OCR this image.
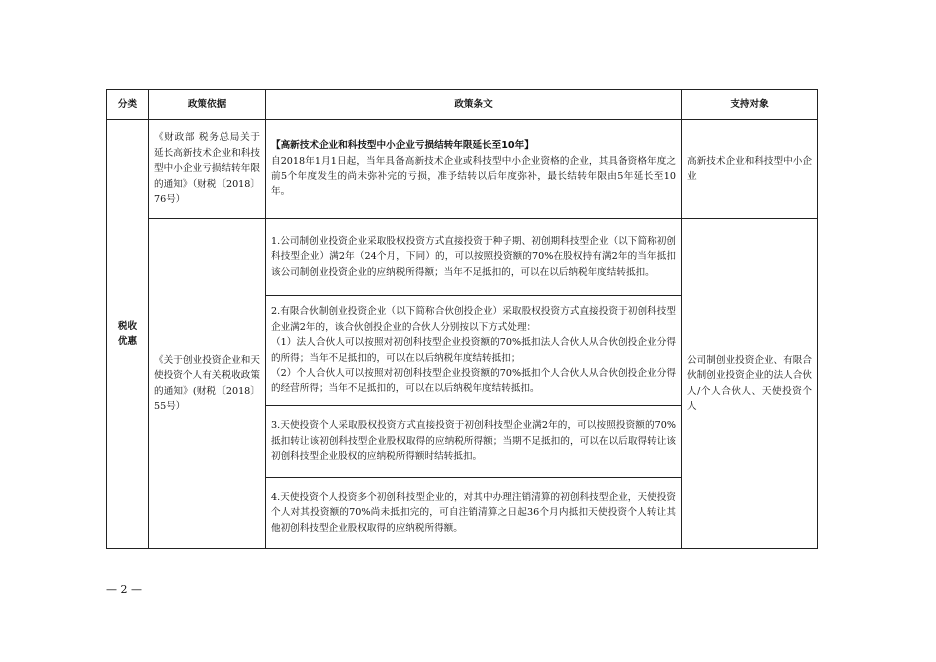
分类	政策依据	政策条文	支持对象

税收
优惠	《财政部 税务总局关于延长高新技术企业和科技型中小企业亏损结转年限的通知》（财税〔2018〕76号）	【高新技术企业和科技型中小企业亏损结转年限延长至10年】
自2018年1月1日起，当年具备高新技术企业或科技型中小企业资格的企业，其具备资格年度之前5个年度发生的尚未弥补完的亏损，准予结转以后年度弥补，最长结转年限由5年延长至10年。	高新技术企业和科技型中小企业
	《关于创业投资企业和天使投资个人有关税收政策的通知》(财税〔2018〕55号）	1.公司制创业投资企业采取股权投资方式直接投资于种子期、初创期科技型企业（以下简称初创科技型企业）满2年（24个月，下同）的，可以按照投资额的70%在股权持有满2年的当年抵扣该公司制创业投资企业的应纳税所得额；当年不足抵扣的，可以在以后纳税年度结转抵扣。	公司制创业投资企业、有限合伙制创业投资企业的法人合伙人/个人合伙人、天使投资个人

		2.有限合伙制创业投资企业（以下简称合伙创投企业）采取股权投资方式直接投资于初创科技型企业满2年的，该合伙创投企业的合伙人分别按以下方式处理：
（1）法人合伙人可以按照对初创科技型企业投资额的70%抵扣法人合伙人从合伙创投企业分得的所得；当年不足抵扣的，可以在以后纳税年度结转抵扣；
（2）个人合伙人可以按照对初创科技型企业投资额的70%抵扣个人合伙人从合伙创投企业分得的经营所得；当年不足抵扣的，可以在以后纳税年度结转抵扣。	

		3.天使投资个人采取股权投资方式直接投资于初创科技型企业满2年的，可以按照投资额的70%抵扣转让该初创科技型企业股权取得的应纳税所得额；当期不足抵扣的，可以在以后取得转让该初创科技型企业股权的应纳税所得额时结转抵扣。	
		4.天使投资个人投资多个初创科技型企业的，对其中办理注销清算的初创科技型企业，天使投资个人对其投资额的70%尚未抵扣完的，可自注销清算之日起36个月内抵扣天使投资个人转让其他初创科技型企业股权取得的应纳税所得额。	
— 2 —
